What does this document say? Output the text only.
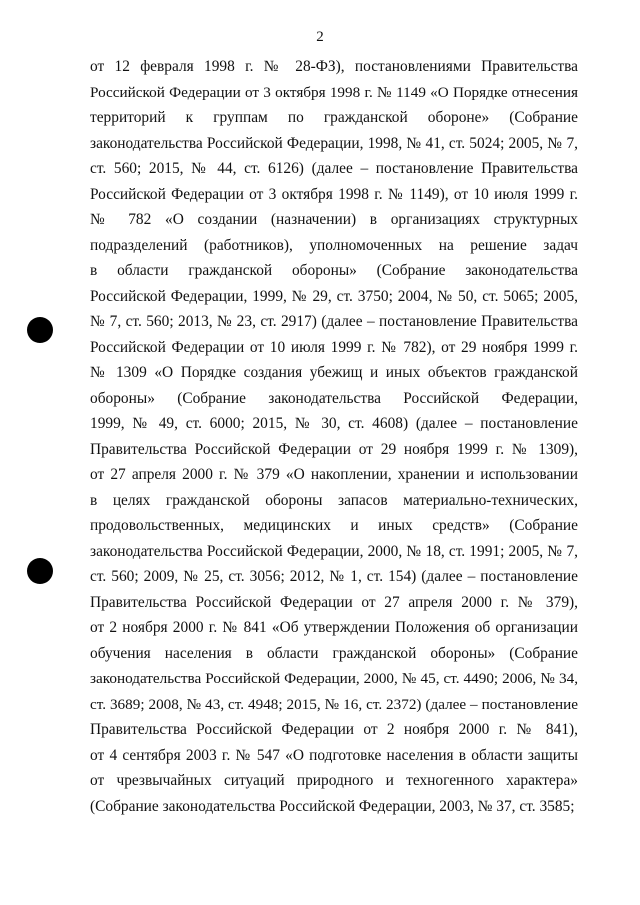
2
от 12 февраля 1998 г. № 28-ФЗ), постановлениями Правительства
Российской Федерации от 3 октября 1998 г. № 1149 «О Порядке отнесения
территорий к группам по гражданской обороне» (Собрание
законодательства Российской Федерации, 1998, № 41, ст. 5024; 2005, № 7,
ст. 560; 2015, № 44, ст. 6126) (далее – постановление Правительства
Российской Федерации от 3 октября 1998 г. № 1149), от 10 июля 1999 г.
№ 782 «О создании (назначении) в организациях структурных
подразделений (работников), уполномоченных на решение задач
в области гражданской обороны» (Собрание законодательства
Российской Федерации, 1999, № 29, ст. 3750; 2004, № 50, ст. 5065; 2005,
№ 7, ст. 560; 2013, № 23, ст. 2917) (далее – постановление Правительства
Российской Федерации от 10 июля 1999 г. № 782), от 29 ноября 1999 г.
№ 1309 «О Порядке создания убежищ и иных объектов гражданской
обороны» (Собрание законодательства Российской Федерации,
1999, № 49, ст. 6000; 2015, № 30, ст. 4608) (далее – постановление
Правительства Российской Федерации от 29 ноября 1999 г. № 1309),
от 27 апреля 2000 г. № 379 «О накоплении, хранении и использовании
в целях гражданской обороны запасов материально-технических,
продовольственных, медицинских и иных средств» (Собрание
законодательства Российской Федерации, 2000, № 18, ст. 1991; 2005, № 7,
ст. 560; 2009, № 25, ст. 3056; 2012, № 1, ст. 154) (далее – постановление
Правительства Российской Федерации от 27 апреля 2000 г. № 379),
от 2 ноября 2000 г. № 841 «Об утверждении Положения об организации
обучения населения в области гражданской обороны» (Собрание
законодательства Российской Федерации, 2000, № 45, ст. 4490; 2006, № 34,
ст. 3689; 2008, № 43, ст. 4948; 2015, № 16, ст. 2372) (далее – постановление
Правительства Российской Федерации от 2 ноября 2000 г. № 841),
от 4 сентября 2003 г. № 547 «О подготовке населения в области защиты
от чрезвычайных ситуаций природного и техногенного характера»
(Собрание законодательства Российской Федерации, 2003, № 37, ст. 3585;
